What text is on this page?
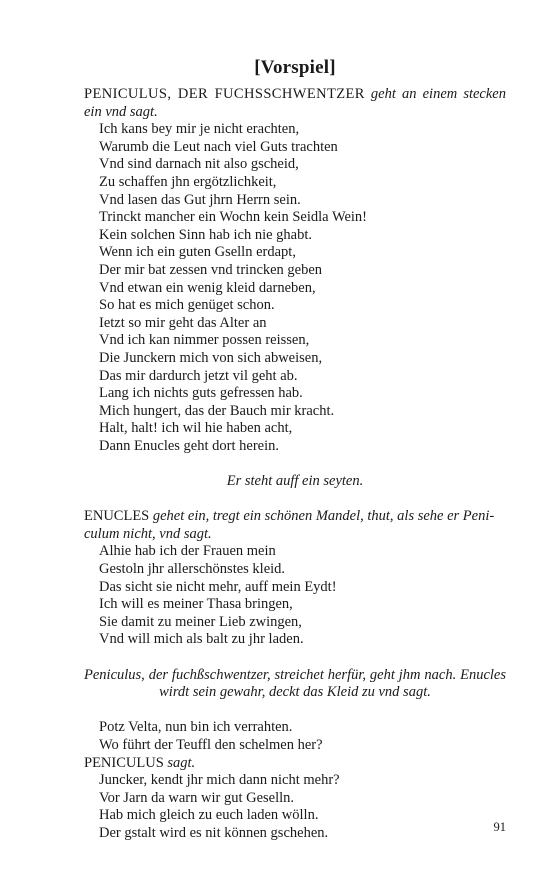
[Vorspiel]
PENICULUS, DER FUCHSSCHWENTZER geht an einem stecken ein vnd sagt.
Ich kans bey mir je nicht erachten,
Warumb die Leut nach viel Guts trachten
Vnd sind darnach nit also gscheid,
Zu schaffen jhn ergötzlichkeit,
Vnd lasen das Gut jhrn Herrn sein.
Trinckt mancher ein Wochn kein Seidla Wein!
Kein solchen Sinn hab ich nie ghabt.
Wenn ich ein guten Gselln erdapt,
Der mir bat zessen vnd trincken geben
Vnd etwan ein wenig kleid darneben,
So hat es mich genüget schon.
Ietzt so mir geht das Alter an
Vnd ich kan nimmer possen reissen,
Die Junckern mich von sich abweisen,
Das mir dardurch jetzt vil geht ab.
Lang ich nichts guts gefressen hab.
Mich hungert, das der Bauch mir kracht.
Halt, halt! ich wil hie haben acht,
Dann Enucles geht dort herein.
Er steht auff ein seyten.
ENUCLES gehet ein, tregt ein schönen Mandel, thut, als sehe er Peni-
culum nicht, vnd sagt.
Alhie hab ich der Frauen mein
Gestoln jhr allerschönstes kleid.
Das sicht sie nicht mehr, auff mein Eydt!
Ich will es meiner Thasa bringen,
Sie damit zu meiner Lieb zwingen,
Vnd will mich als balt zu jhr laden.
Peniculus, der fuchßschwentzer, streichet herfür, geht jhm nach. Enucles
wirdt sein gewahr, deckt das Kleid zu vnd sagt.
Potz Velta, nun bin ich verrahten.
Wo führt der Teuffl den schelmen her?
PENICULUS sagt.
Juncker, kendt jhr mich dann nicht mehr?
Vor Jarn da warn wir gut Geselln.
Hab mich gleich zu euch laden wölln.
Der gstalt wird es nit können gschehen.	91
